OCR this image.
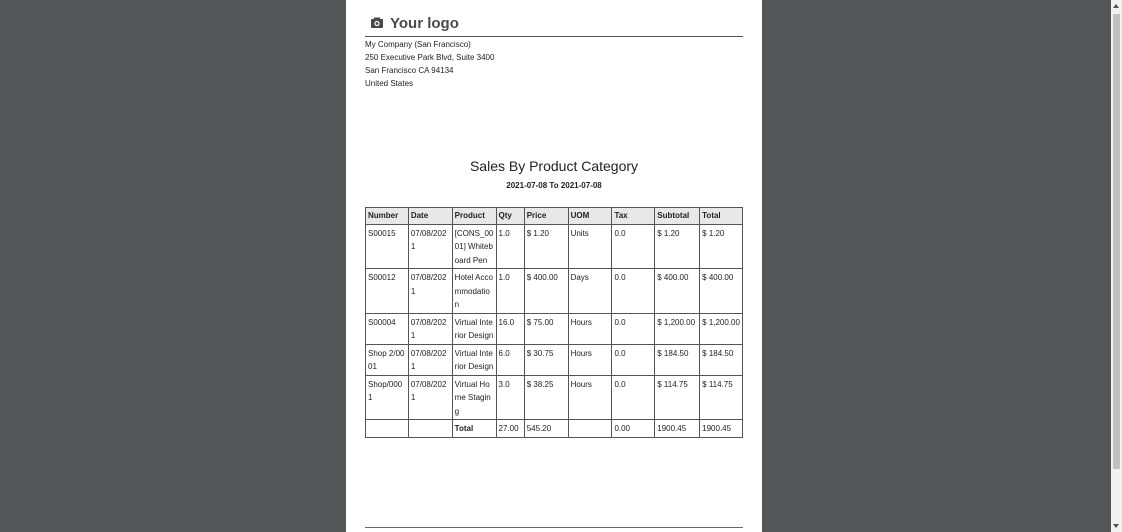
Your logo
My Company (San Francisco)
250 Executive Park Blvd, Suite 3400
San Francisco CA 94134
United States
Sales By Product Category
2021-07-08 To 2021-07-08
Number	Date	Product	Qty	Price	UOM	Tax	Subtotal	Total
S00015	07/08/2021	[CONS_0001] Whiteboard Pen	1.0	$ 1.20	Units	0.0	$ 1.20	$ 1.20
S00012	07/08/2021	Hotel Accommodation	1.0	$ 400.00	Days	0.0	$ 400.00	$ 400.00
S00004	07/08/2021	Virtual Interior Design	16.0	$ 75.00	Hours	0.0	$ 1,200.00	$ 1,200.00
Shop 2/0001	07/08/2021	Virtual Interior Design	6.0	$ 30.75	Hours	0.0	$ 184.50	$ 184.50
Shop/0001	07/08/2021	Virtual Home Staging	3.0	$ 38.25	Hours	0.0	$ 114.75	$ 114.75
		Total	27.00	545.20		0.00	1900.45	1900.45
